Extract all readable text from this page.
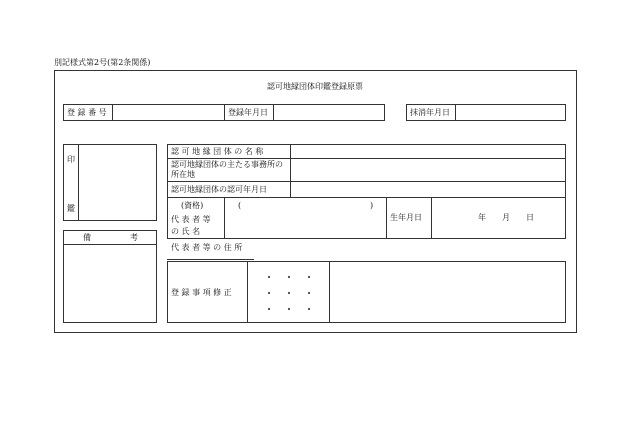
別記様式第2号(第2条関係)
認可地縁団体印鑑登録原票
登 録 番 号	登録年月日	抹消年月日
印
鑑
備	考
認 可 地 縁 団 体 の 名 称
認可地縁団体の主たる事務所の
所在地
認可地縁団体の認可年月日
(資格)
代 表 者 等
の 氏 名
(	)
生年月日	年 月 日
代 表 者 等 の 住 所
登 録 事 項 修 正
